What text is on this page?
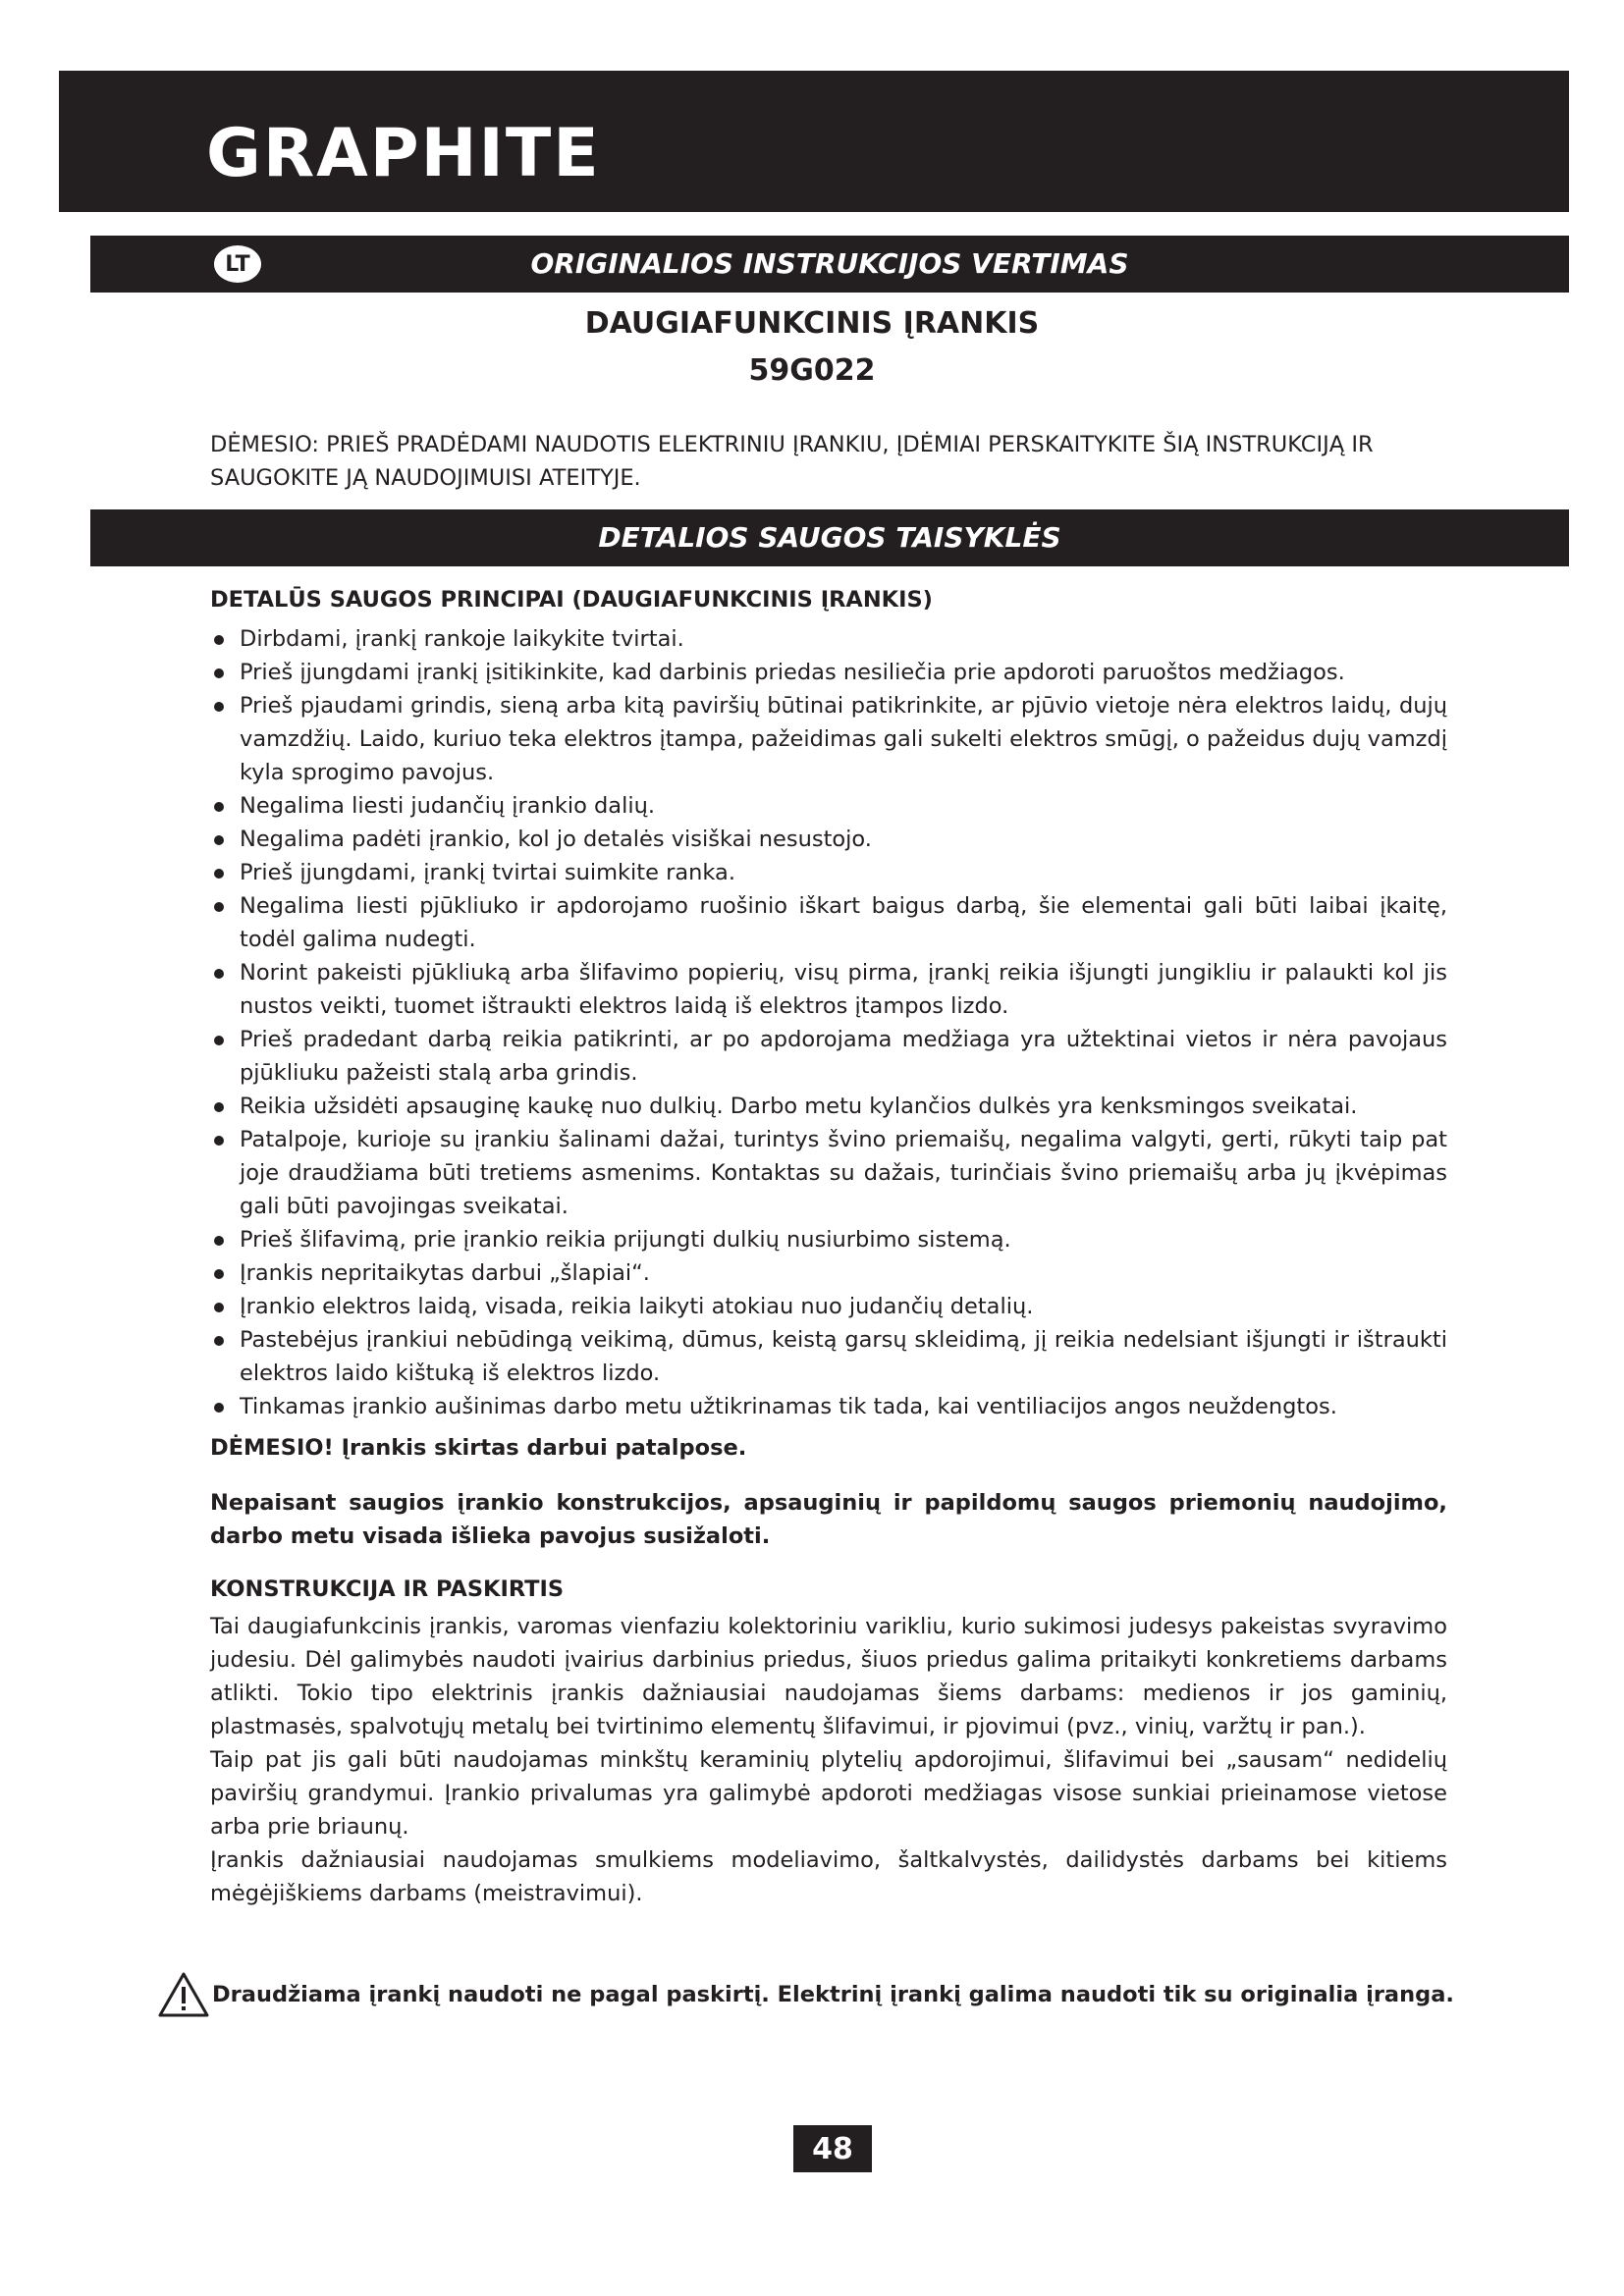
GRAPHITE
LT	ORIGINALIOS INSTRUKCIJOS VERTIMAS
DAUGIAFUNKCINIS ĮRANKIS
59G022
DĖMESIO: PRIEŠ PRADĖDAMI NAUDOTIS ELEKTRINIU ĮRANKIU, ĮDĖMIAI PERSKAITYKITE ŠIĄ INSTRUKCIJĄ IR SAUGOKITE JĄ NAUDOJIMUISI ATEITYJE.
DETALIOS SAUGOS TAISYKLĖS
DETALŪS SAUGOS PRINCIPAI (DAUGIAFUNKCINIS ĮRANKIS)
Dirbdami, įrankį rankoje laikykite tvirtai.
Prieš įjungdami įrankį įsitikinkite, kad darbinis priedas nesiliečia prie apdoroti paruoštos medžiagos.
Prieš pjaudami grindis, sieną arba kitą paviršių būtinai patikrinkite, ar pjūvio vietoje nėra elektros laidų, dujų vamzdžių. Laido, kuriuo teka elektros įtampa, pažeidimas gali sukelti elektros smūgį, o pažeidus dujų vamzdį kyla sprogimo pavojus.
Negalima liesti judančių įrankio dalių.
Negalima padėti įrankio, kol jo detalės visiškai nesustojo.
Prieš įjungdami, įrankį tvirtai suimkite ranka.
Negalima liesti pjūkliuko ir apdorojamo ruošinio iškart baigus darbą, šie elementai gali būti laibai įkaitę, todėl galima nudegti.
Norint pakeisti pjūkliuką arba šlifavimo popierių, visų pirma, įrankį reikia išjungti jungikliu ir palaukti kol jis nustos veikti, tuomet ištraukti elektros laidą iš elektros įtampos lizdo.
Prieš pradedant darbą reikia patikrinti, ar po apdorojama medžiaga yra užtektinai vietos ir nėra pavojaus pjūkliuku pažeisti stalą arba grindis.
Reikia užsidėti apsauginę kaukę nuo dulkių. Darbo metu kylančios dulkės yra kenksmingos sveikatai.
Patalpoje, kurioje su įrankiu šalinami dažai, turintys švino priemaišų, negalima valgyti, gerti, rūkyti taip pat joje draudžiama būti tretiems asmenims. Kontaktas su dažais, turinčiais švino priemaišų arba jų įkvėpimas gali būti pavojingas sveikatai.
Prieš šlifavimą, prie įrankio reikia prijungti dulkių nusiurbimo sistemą.
Įrankis nepritaikytas darbui „šlapiai“.
Įrankio elektros laidą, visada, reikia laikyti atokiau nuo judančių detalių.
Pastebėjus įrankiui nebūdingą veikimą, dūmus, keistą garsų skleidimą, jį reikia nedelsiant išjungti ir ištraukti elektros laido kištuką iš elektros lizdo.
Tinkamas įrankio aušinimas darbo metu užtikrinamas tik tada, kai ventiliacijos angos neuždengtos.
DĖMESIO! Įrankis skirtas darbui patalpose.
Nepaisant saugios įrankio konstrukcijos, apsauginių ir papildomų saugos priemonių naudojimo, darbo metu visada išlieka pavojus susižaloti.
KONSTRUKCIJA IR PASKIRTIS
Tai daugiafunkcinis įrankis, varomas vienfaziu kolektoriniu varikliu, kurio sukimosi judesys pakeistas svyravimo judesiu. Dėl galimybės naudoti įvairius darbinius priedus, šiuos priedus galima pritaikyti konkretiems darbams atlikti. Tokio tipo elektrinis įrankis dažniausiai naudojamas šiems darbams: medienos ir jos gaminių, plastmasės, spalvotųjų metalų bei tvirtinimo elementų šlifavimui, ir pjovimui (pvz., vinių, varžtų ir pan.).
Taip pat jis gali būti naudojamas minkštų keraminių plytelių apdorojimui, šlifavimui bei „sausam“ nedidelių paviršių grandymui. Įrankio privalumas yra galimybė apdoroti medžiagas visose sunkiai prieinamose vietose arba prie briaunų.
Įrankis dažniausiai naudojamas smulkiems modeliavimo, šaltkalvystės, dailidystės darbams bei kitiems mėgėjiškiems darbams (meistravimui).
Draudžiama įrankį naudoti ne pagal paskirtį. Elektrinį įrankį galima naudoti tik su originalia įranga.
48
